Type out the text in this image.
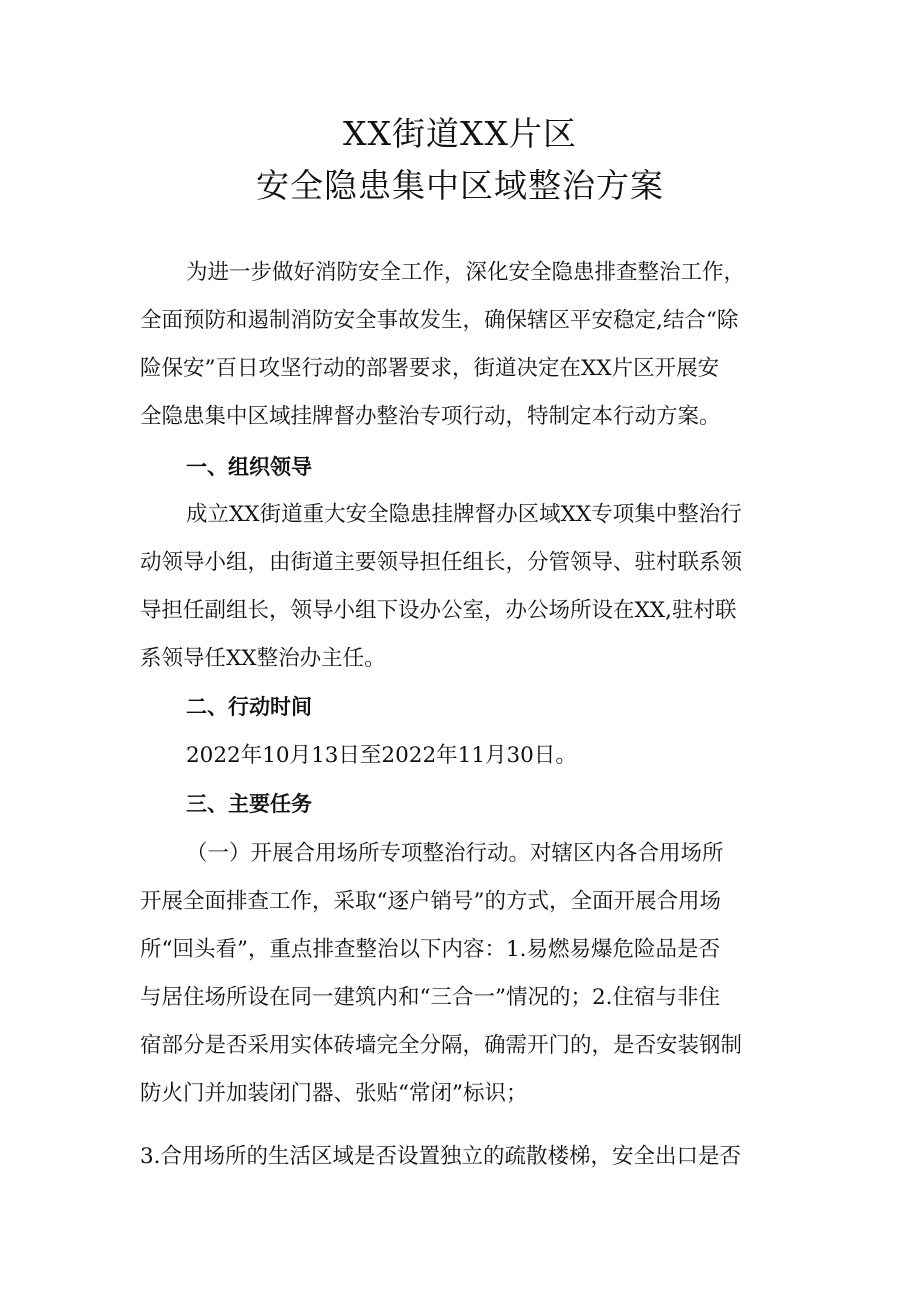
XX街道XX片区
安全隐患集中区域整治方案
为进一步做好消防安全工作，深化安全隐患排查整治工作，
全面预防和遏制消防安全事故发生，确保辖区平安稳定,结合“除
险保安”百日攻坚行动的部署要求，街道决定在XX片区开展安
全隐患集中区域挂牌督办整治专项行动，特制定本行动方案。
一、组织领导
成立XX街道重大安全隐患挂牌督办区域XX专项集中整治行
动领导小组，由街道主要领导担任组长，分管领导、驻村联系领
导担任副组长，领导小组下设办公室，办公场所设在XX,驻村联
系领导任XX整治办主任。
二、行动时间
2022年10月13日至2022年11月30日。
三、主要任务
（一）开展合用场所专项整治行动。对辖区内各合用场所
开展全面排查工作，采取“逐户销号”的方式，全面开展合用场
所“回头看”，重点排查整治以下内容：1.易燃易爆危险品是否
与居住场所设在同一建筑内和“三合一”情况的；2.住宿与非住
宿部分是否采用实体砖墙完全分隔，确需开门的，是否安装钢制
防火门并加装闭门器、张贴“常闭”标识；
3.合用场所的生活区域是否设置独立的疏散楼梯，安全出口是否
